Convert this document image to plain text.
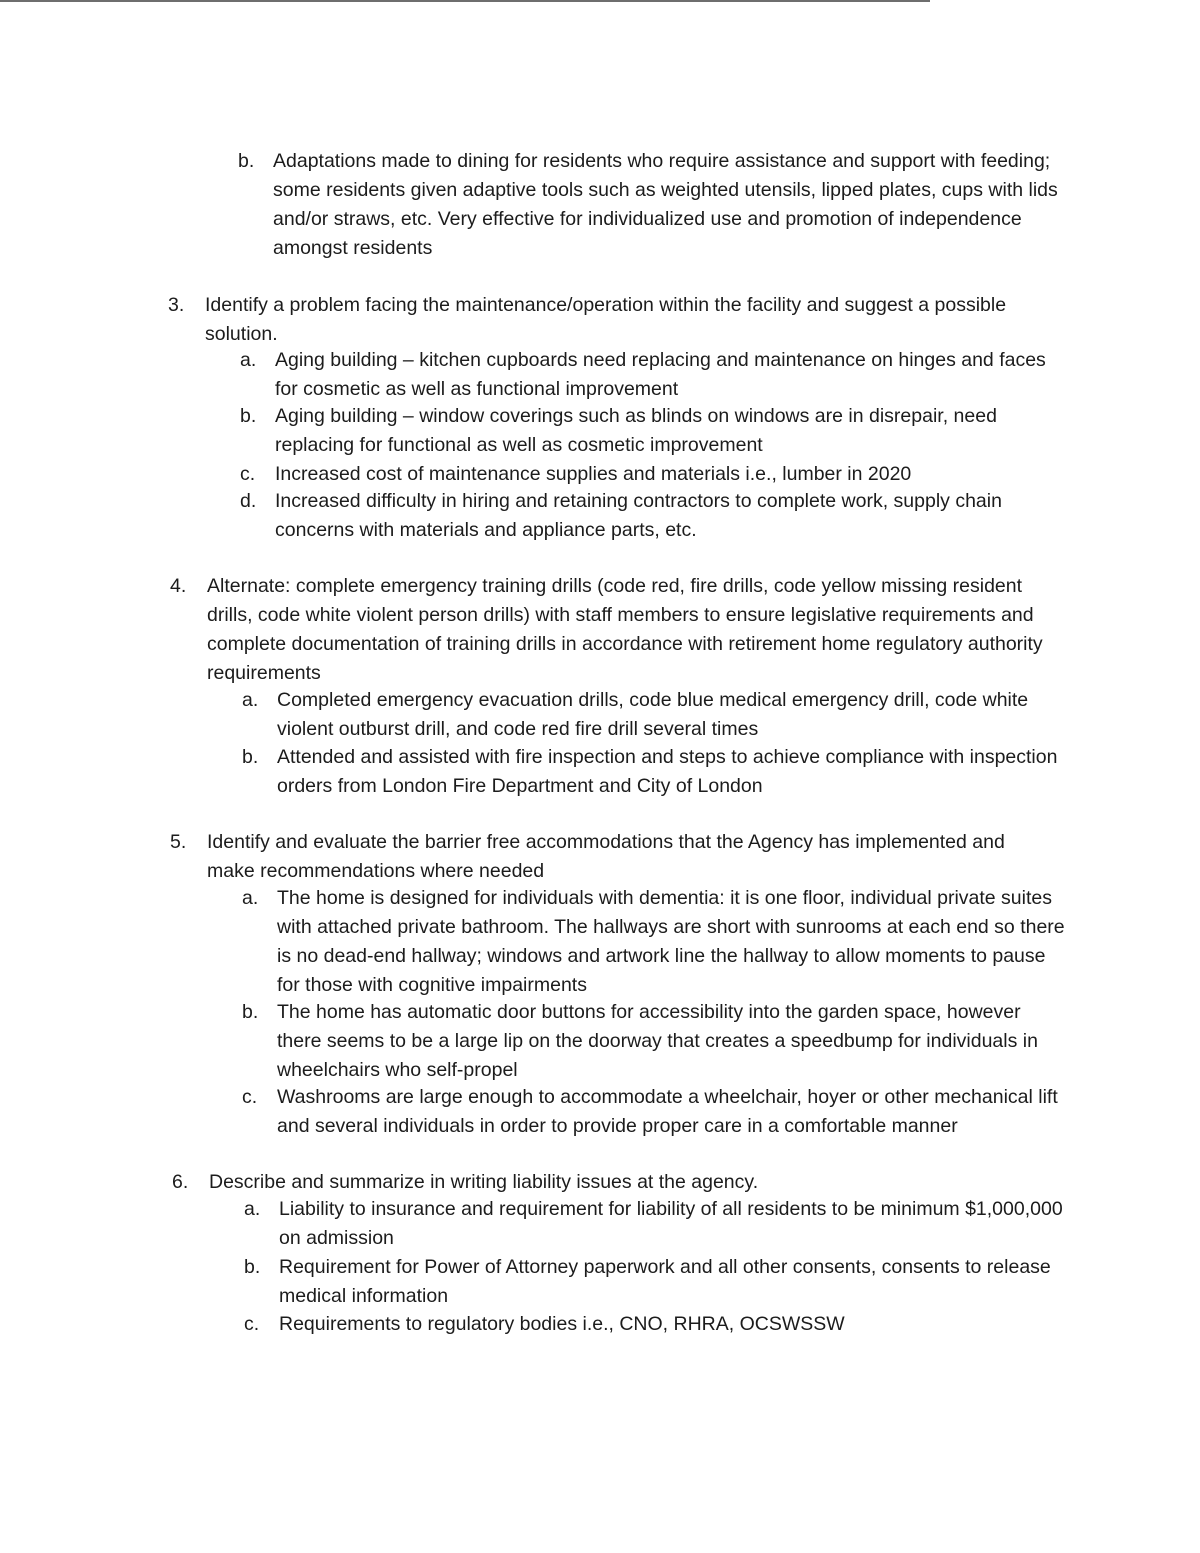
b. Adaptations made to dining for residents who require assistance and support with feeding; some residents given adaptive tools such as weighted utensils, lipped plates, cups with lids and/or straws, etc. Very effective for individualized use and promotion of independence amongst residents
3.	Identify a problem facing the maintenance/operation within the facility and suggest a possible solution.
a. Aging building – kitchen cupboards need replacing and maintenance on hinges and faces for cosmetic as well as functional improvement
b. Aging building – window coverings such as blinds on windows are in disrepair, need replacing for functional as well as cosmetic improvement
c.	Increased cost of maintenance supplies and materials i.e., lumber in 2020
d. Increased difficulty in hiring and retaining contractors to complete work, supply chain concerns with materials and appliance parts, etc.
4.	Alternate: complete emergency training drills (code red, fire drills, code yellow missing resident drills, code white violent person drills) with staff members to ensure legislative requirements and complete documentation of training drills in accordance with retirement home regulatory authority requirements
a. Completed emergency evacuation drills, code blue medical emergency drill, code white violent outburst drill, and code red fire drill several times
b. Attended and assisted with fire inspection and steps to achieve compliance with inspection orders from London Fire Department and City of London
5.	Identify and evaluate the barrier free accommodations that the Agency has implemented and make recommendations where needed
a. The home is designed for individuals with dementia: it is one floor, individual private suites with attached private bathroom. The hallways are short with sunrooms at each end so there is no dead-end hallway; windows and artwork line the hallway to allow moments to pause for those with cognitive impairments
b. The home has automatic door buttons for accessibility into the garden space, however there seems to be a large lip on the doorway that creates a speedbump for individuals in wheelchairs who self-propel
c.	Washrooms are large enough to accommodate a wheelchair, hoyer or other mechanical lift and several individuals in order to provide proper care in a comfortable manner
6.	Describe and summarize in writing liability issues at the agency.
a. Liability to insurance and requirement for liability of all residents to be minimum $1,000,000 on admission
b. Requirement for Power of Attorney paperwork and all other consents, consents to release medical information
c.	Requirements to regulatory bodies i.e., CNO, RHRA, OCSWSSW
